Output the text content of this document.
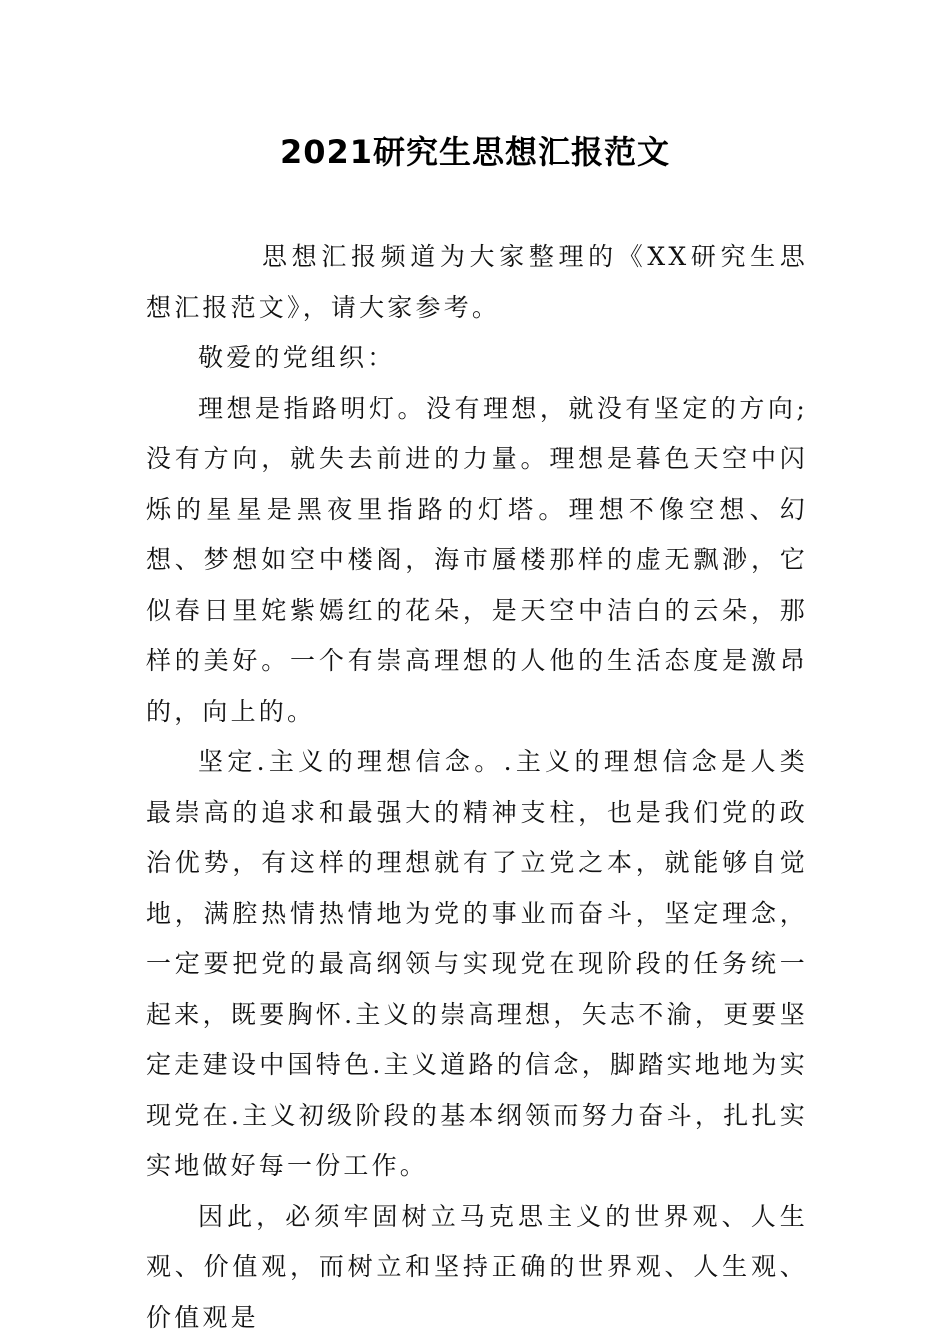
2021研究生思想汇报范文

思想汇报频道为大家整理的《XX研究生思想汇报范文》，请大家参考。

敬爱的党组织：

理想是指路明灯。没有理想，就没有坚定的方向;没有方向，就失去前进的力量。理想是暮色天空中闪烁的星星是黑夜里指路的灯塔。理想不像空想、幻想、梦想如空中楼阁，海市蜃楼那样的虚无飘渺，它似春日里姹紫嫣红的花朵，是天空中洁白的云朵，那样的美好。一个有崇高理想的人他的生活态度是激昂的，向上的。

坚定.主义的理想信念。.主义的理想信念是人类最崇高的追求和最强大的精神支柱，也是我们党的政治优势，有这样的理想就有了立党之本，就能够自觉地，满腔热情热情地为党的事业而奋斗，坚定理念，一定要把党的最高纲领与实现党在现阶段的任务统一起来，既要胸怀.主义的崇高理想，矢志不渝，更要坚定走建设中国特色.主义道路的信念，脚踏实地地为实现党在.主义初级阶段的基本纲领而努力奋斗，扎扎实实地做好每一份工作。

因此，必须牢固树立马克思主义的世界观、人生观、价值观，而树立和坚持正确的世界观、人生观、价值观是
